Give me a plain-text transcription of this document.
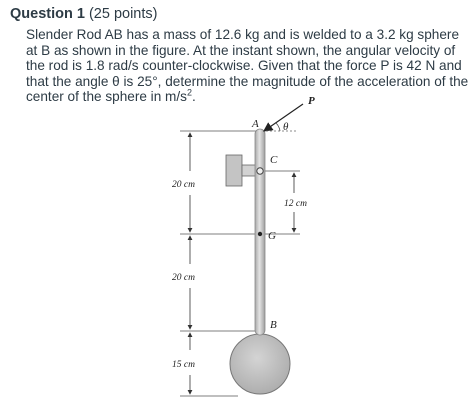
Question 1 (25 points)
Slender Rod AB has a mass of 12.6 kg and is welded to a 3.2 kg sphere at B as shown in the figure. At the instant shown, the angular velocity of the rod is 1.8 rad/s counter-clockwise. Given that the force P is 42 N and that the angle θ is 25°, determine the magnitude of the acceleration of the center of the sphere in $m/s^2$.	P
θ
A
C
G
B
20 cm
12 cm
20 cm
15 cm
